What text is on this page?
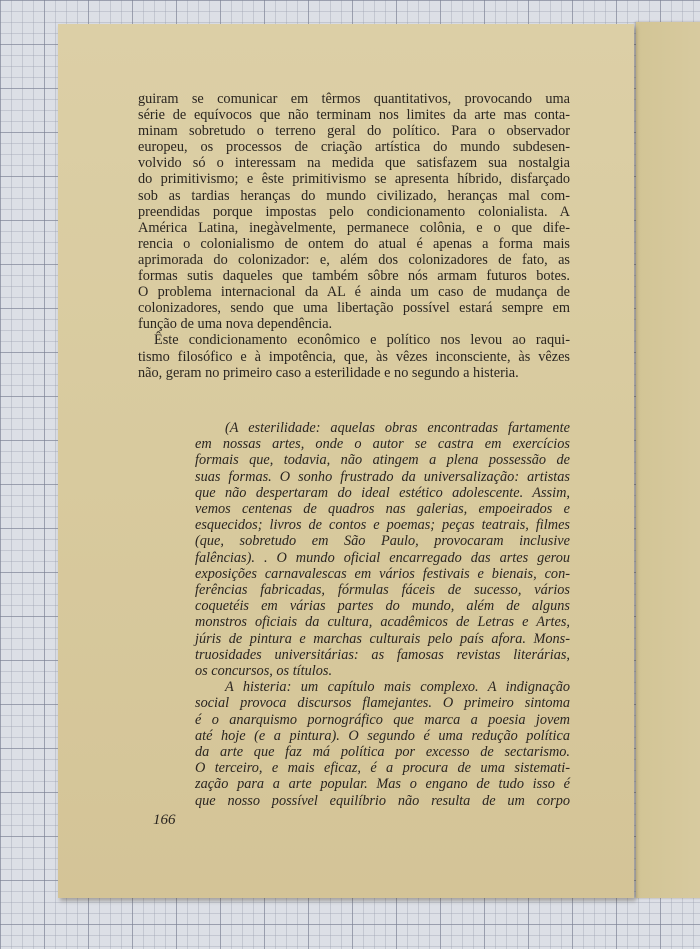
guiram se comunicar em têrmos quantitativos, provocando uma
série de equívocos que não terminam nos limites da arte mas conta-
minam sobretudo o terreno geral do político. Para o observador
europeu, os processos de criação artística do mundo subdesen-
volvido só o interessam na medida que satisfazem sua nostalgia
do primitivismo; e êste primitivismo se apresenta híbrido, disfarçado
sob as tardias heranças do mundo civilizado, heranças mal com-
preendidas porque impostas pelo condicionamento colonialista. A
América Latina, inegàvelmente, permanece colônia, e o que dife-
rencia o colonialismo de ontem do atual é apenas a forma mais
aprimorada do colonizador: e, além dos colonizadores de fato, as
formas sutis daqueles que também sôbre nós armam futuros botes.
O problema internacional da AL é ainda um caso de mudança de
colonizadores, sendo que uma libertação possível estará sempre em
função de uma nova dependência.
Êste condicionamento econômico e político nos levou ao raqui-
tismo filosófico e à impotência, que, às vêzes inconsciente, às vêzes
não, geram no primeiro caso a esterilidade e no segundo a histeria.
(A esterilidade: aquelas obras encontradas fartamente
em nossas artes, onde o autor se castra em exercícios
formais que, todavia, não atingem a plena possessão de
suas formas. O sonho frustrado da universalização: artistas
que não despertaram do ideal estético adolescente. Assim,
vemos centenas de quadros nas galerias, empoeirados e
esquecidos; livros de contos e poemas; peças teatrais, filmes
(que, sobretudo em São Paulo, provocaram inclusive
falências). . O mundo oficial encarregado das artes gerou
exposições carnavalescas em vários festivais e bienais, con-
ferências fabricadas, fórmulas fáceis de sucesso, vários
coquetéis em várias partes do mundo, além de alguns
monstros oficiais da cultura, acadêmicos de Letras e Artes,
júris de pintura e marchas culturais pelo país afora. Mons-
truosidades universitárias: as famosas revistas literárias,
os concursos, os títulos.
A histeria: um capítulo mais complexo. A indignação
social provoca discursos flamejantes. O primeiro sintoma
é o anarquismo pornográfico que marca a poesia jovem
até hoje (e a pintura). O segundo é uma redução política
da arte que faz má política por excesso de sectarismo.
O terceiro, e mais eficaz, é a procura de uma sistemati-
zação para a arte popular. Mas o engano de tudo isso é
que nosso possível equilíbrio não resulta de um corpo
166
